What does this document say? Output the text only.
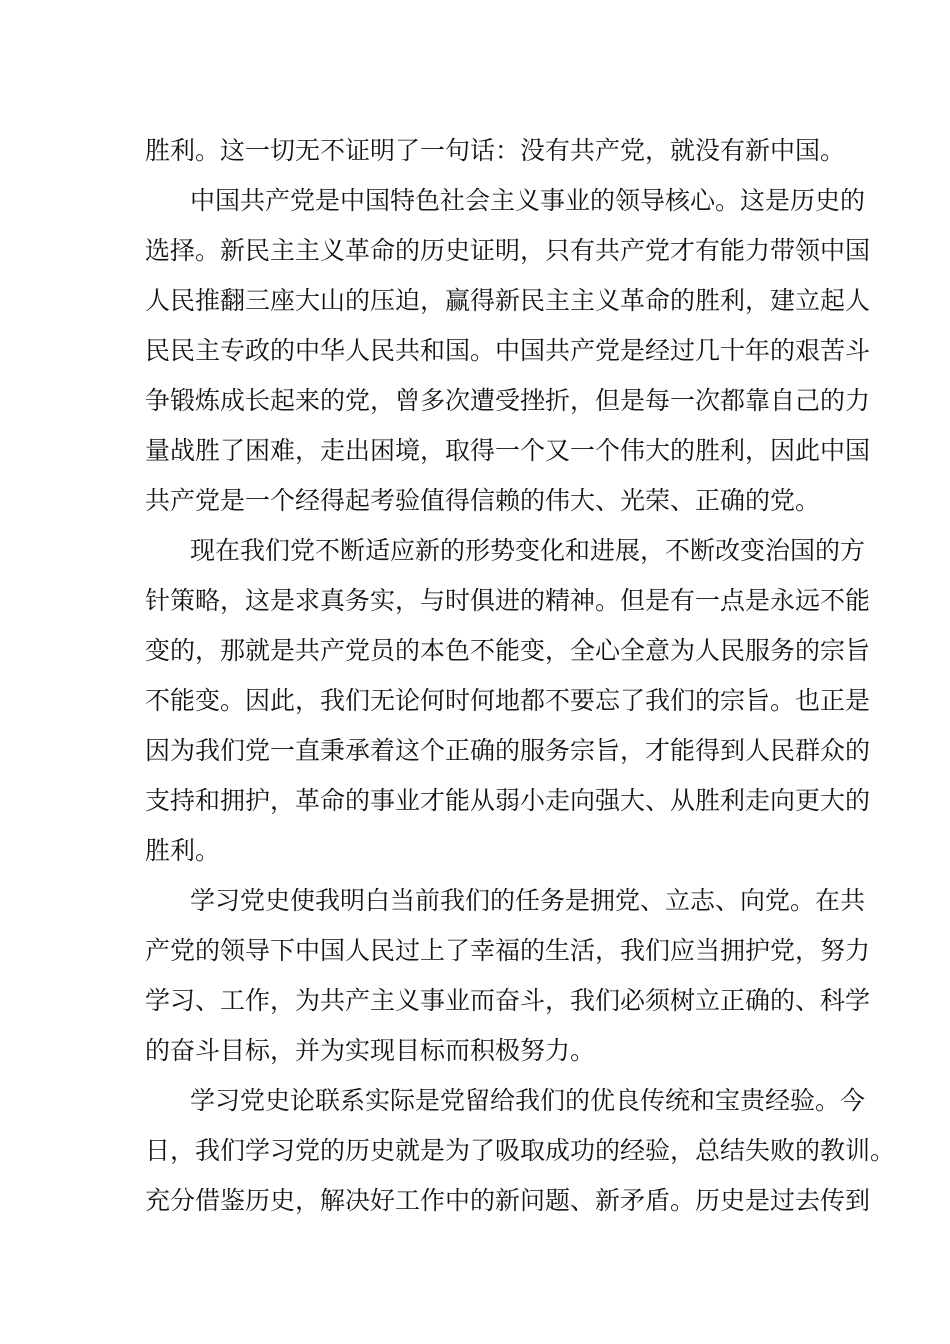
胜利。这一切无不证明了一句话：没有共产党，就没有新中国。

中国共产党是中国特色社会主义事业的领导核心。这是历史的

选择。新民主主义革命的历史证明，只有共产党才有能力带领中国

人民推翻三座大山的压迫，赢得新民主主义革命的胜利，建立起人

民民主专政的中华人民共和国。中国共产党是经过几十年的艰苦斗

争锻炼成长起来的党，曾多次遭受挫折，但是每一次都靠自己的力

量战胜了困难，走出困境，取得一个又一个伟大的胜利，因此中国

共产党是一个经得起考验值得信赖的伟大、光荣、正确的党。

现在我们党不断适应新的形势变化和进展，不断改变治国的方

针策略，这是求真务实，与时俱进的精神。但是有一点是永远不能

变的，那就是共产党员的本色不能变，全心全意为人民服务的宗旨

不能变。因此，我们无论何时何地都不要忘了我们的宗旨。也正是

因为我们党一直秉承着这个正确的服务宗旨，才能得到人民群众的

支持和拥护，革命的事业才能从弱小走向强大、从胜利走向更大的

胜利。

学习党史使我明白当前我们的任务是拥党、立志、向党。在共

产党的领导下中国人民过上了幸福的生活，我们应当拥护党，努力

学习、工作，为共产主义事业而奋斗，我们必须树立正确的、科学

的奋斗目标，并为实现目标而积极努力。

学习党史论联系实际是党留给我们的优良传统和宝贵经验。今

日，我们学习党的历史就是为了吸取成功的经验，总结失败的教训。

充分借鉴历史，解决好工作中的新问题、新矛盾。历史是过去传到
